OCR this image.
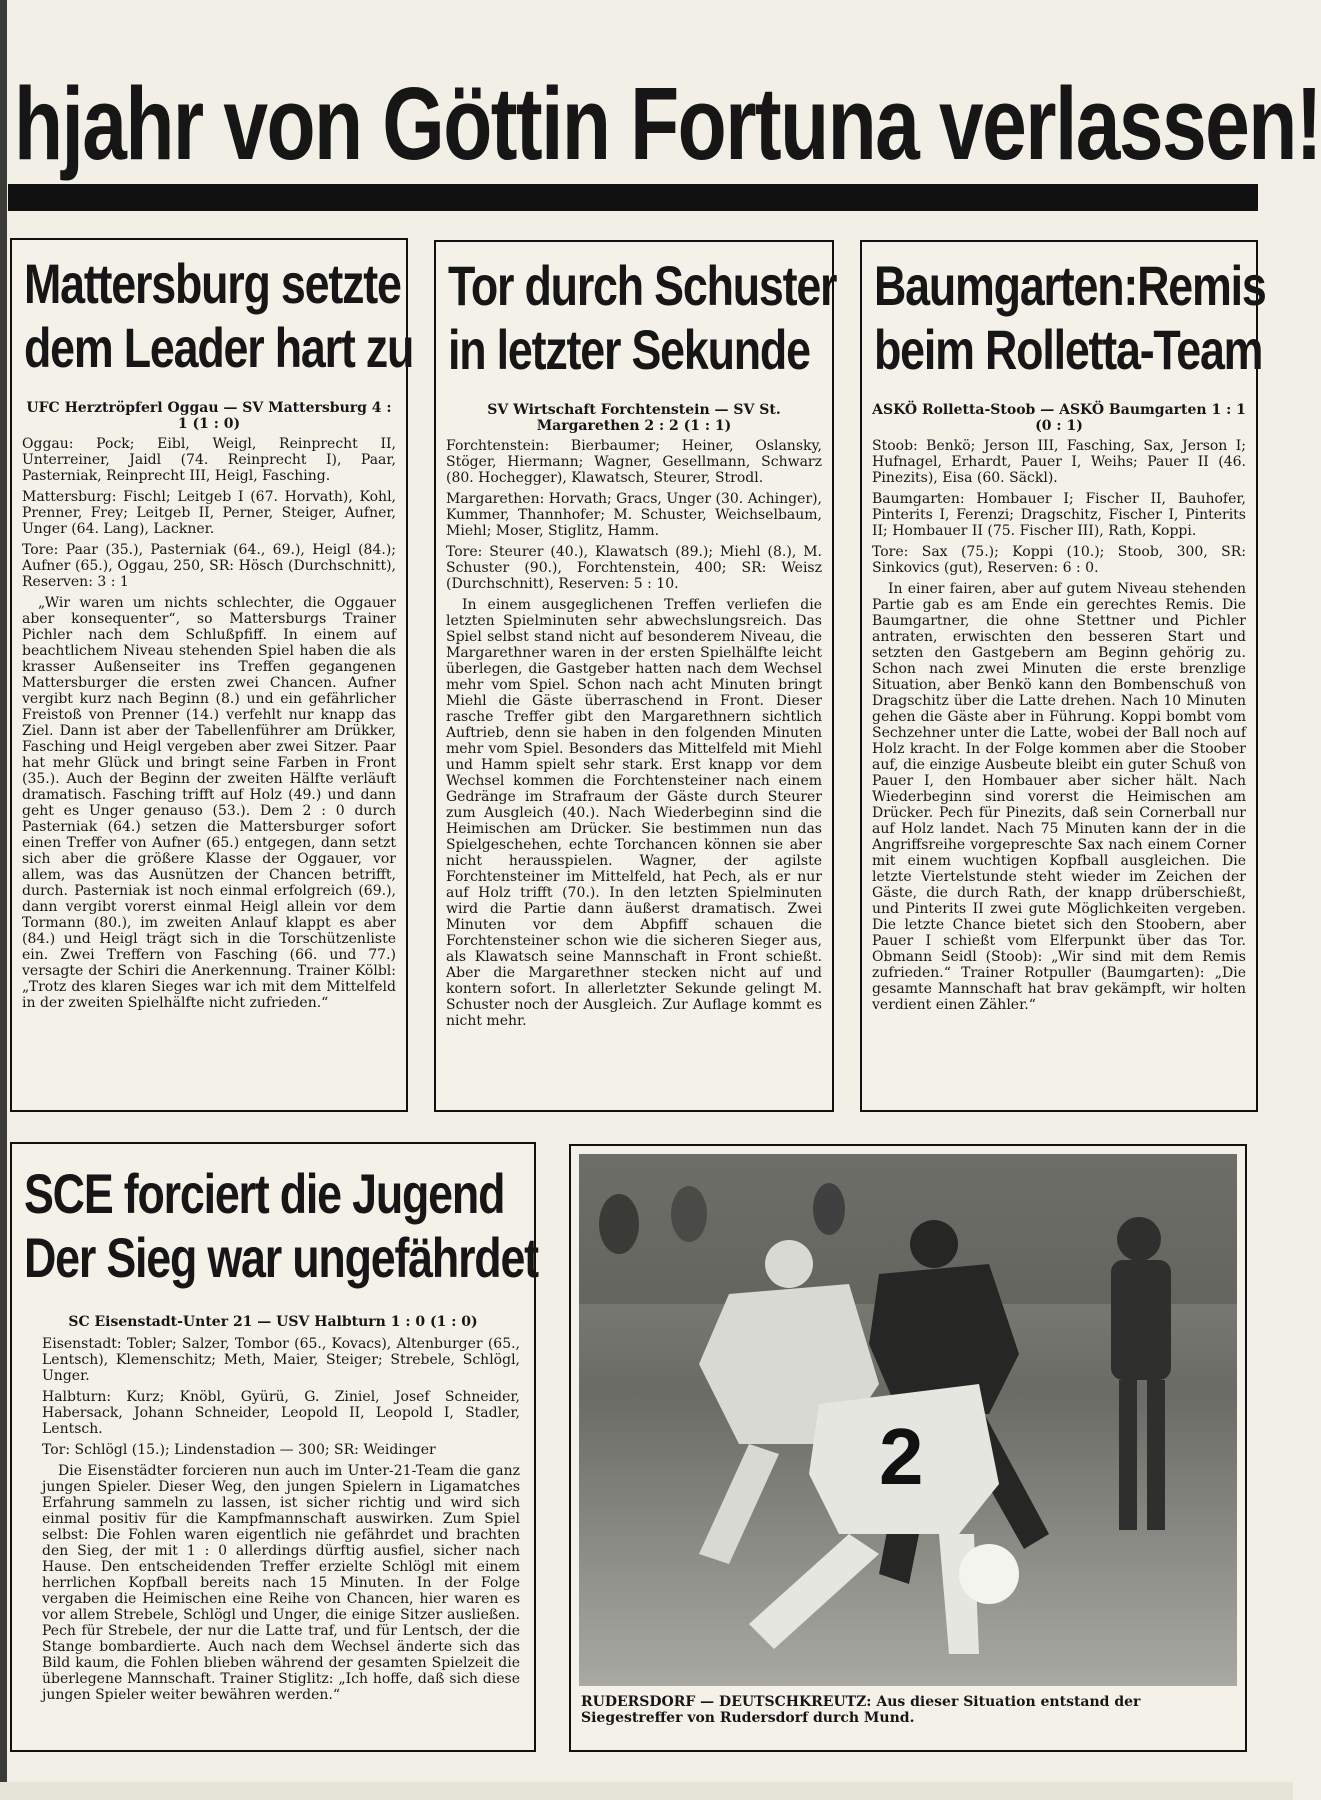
hjahr von Göttin Fortuna verlassen!
Mattersburg setzte
dem Leader hart zu
UFC Herztröpferl Oggau — SV Mattersburg 4 : 1 (1 : 0)

Oggau: Pock; Eibl, Weigl, Reinprecht II, Unterreiner, Jaidl (74. Reinprecht I), Paar, Pasterniak, Reinprecht III, Heigl, Fasching.

Mattersburg: Fischl; Leitgeb I (67. Horvath), Kohl, Prenner, Frey; Leitgeb II, Perner, Steiger, Aufner, Unger (64. Lang), Lackner.

Tore: Paar (35.), Pasterniak (64., 69.), Heigl (84.); Aufner (65.), Oggau, 250, SR: Hösch (Durchschnitt), Reserven: 3 : 1

„Wir waren um nichts schlechter, die Oggauer aber konsequenter“, so Mattersburgs Trainer Pichler nach dem Schlußpfiff. In einem auf beachtlichem Niveau stehenden Spiel haben die als krasser Außenseiter ins Treffen gegangenen Mattersburger die ersten zwei Chancen. Aufner vergibt kurz nach Beginn (8.) und ein gefährlicher Freistoß von Prenner (14.) verfehlt nur knapp das Ziel. Dann ist aber der Tabellenführer am Drükker, Fasching und Heigl vergeben aber zwei Sitzer. Paar hat mehr Glück und bringt seine Farben in Front (35.). Auch der Beginn der zweiten Hälfte verläuft dramatisch. Fasching trifft auf Holz (49.) und dann geht es Unger genauso (53.). Dem 2 : 0 durch Pasterniak (64.) setzen die Mattersburger sofort einen Treffer von Aufner (65.) entgegen, dann setzt sich aber die größere Klasse der Oggauer, vor allem, was das Ausnützen der Chancen betrifft, durch. Pasterniak ist noch einmal erfolgreich (69.), dann vergibt vorerst einmal Heigl allein vor dem Tormann (80.), im zweiten Anlauf klappt es aber (84.) und Heigl trägt sich in die Torschützenliste ein. Zwei Treffern von Fasching (66. und 77.) versagte der Schiri die Anerkennung. Trainer Kölbl: „Trotz des klaren Sieges war ich mit dem Mittelfeld in der zweiten Spielhälfte nicht zufrieden.“

Tor durch Schuster
in letzter Sekunde
SV Wirtschaft Forchtenstein — SV St. Margarethen 2 : 2 (1 : 1)

Forchtenstein: Bierbaumer; Heiner, Oslansky, Stöger, Hiermann; Wagner, Gesellmann, Schwarz (80. Hochegger), Klawatsch, Steurer, Strodl.

Margarethen: Horvath; Gracs, Unger (30. Achinger), Kummer, Thannhofer; M. Schuster, Weichselbaum, Miehl; Moser, Stiglitz, Hamm.

Tore: Steurer (40.), Klawatsch (89.); Miehl (8.), M. Schuster (90.), Forchtenstein, 400; SR: Weisz (Durchschnitt), Reserven: 5 : 10.

In einem ausgeglichenen Treffen verliefen die letzten Spielminuten sehr abwechslungsreich. Das Spiel selbst stand nicht auf besonderem Niveau, die Margarethner waren in der ersten Spielhälfte leicht überlegen, die Gastgeber hatten nach dem Wechsel mehr vom Spiel. Schon nach acht Minuten bringt Miehl die Gäste überraschend in Front. Dieser rasche Treffer gibt den Margarethnern sichtlich Auftrieb, denn sie haben in den folgenden Minuten mehr vom Spiel. Besonders das Mittelfeld mit Miehl und Hamm spielt sehr stark. Erst knapp vor dem Wechsel kommen die Forchtensteiner nach einem Gedränge im Strafraum der Gäste durch Steurer zum Ausgleich (40.). Nach Wiederbeginn sind die Heimischen am Drücker. Sie bestimmen nun das Spielgeschehen, echte Torchancen können sie aber nicht herausspielen. Wagner, der agilste Forchtensteiner im Mittelfeld, hat Pech, als er nur auf Holz trifft (70.). In den letzten Spielminuten wird die Partie dann äußerst dramatisch. Zwei Minuten vor dem Abpfiff schauen die Forchtensteiner schon wie die sicheren Sieger aus, als Klawatsch seine Mannschaft in Front schießt. Aber die Margarethner stecken nicht auf und kontern sofort. In allerletzter Sekunde gelingt M. Schuster noch der Ausgleich. Zur Auflage kommt es nicht mehr.

Baumgarten:Remis
beim Rolletta-Team
ASKÖ Rolletta-Stoob — ASKÖ Baumgarten 1 : 1 (0 : 1)

Stoob: Benkö; Jerson III, Fasching, Sax, Jerson I; Hufnagel, Erhardt, Pauer I, Weihs; Pauer II (46. Pinezits), Eisa (60. Säckl).

Baumgarten: Hombauer I; Fischer II, Bauhofer, Pinterits I, Ferenzi; Dragschitz, Fischer I, Pinterits II; Hombauer II (75. Fischer III), Rath, Koppi.

Tore: Sax (75.); Koppi (10.); Stoob, 300, SR: Sinkovics (gut), Reserven: 6 : 0.

In einer fairen, aber auf gutem Niveau stehenden Partie gab es am Ende ein gerechtes Remis. Die Baumgartner, die ohne Stettner und Pichler antraten, erwischten den besseren Start und setzten den Gastgebern am Beginn gehörig zu. Schon nach zwei Minuten die erste brenzlige Situation, aber Benkö kann den Bombenschuß von Dragschitz über die Latte drehen. Nach 10 Minuten gehen die Gäste aber in Führung. Koppi bombt vom Sechzehner unter die Latte, wobei der Ball noch auf Holz kracht. In der Folge kommen aber die Stoober auf, die einzige Ausbeute bleibt ein guter Schuß von Pauer I, den Hombauer aber sicher hält. Nach Wiederbeginn sind vorerst die Heimischen am Drücker. Pech für Pinezits, daß sein Cornerball nur auf Holz landet. Nach 75 Minuten kann der in die Angriffsreihe vorgepreschte Sax nach einem Corner mit einem wuchtigen Kopfball ausgleichen. Die letzte Viertelstunde steht wieder im Zeichen der Gäste, die durch Rath, der knapp drüberschießt, und Pinterits II zwei gute Möglichkeiten vergeben. Die letzte Chance bietet sich den Stoobern, aber Pauer I schießt vom Elferpunkt über das Tor. Obmann Seidl (Stoob): „Wir sind mit dem Remis zufrieden.“ Trainer Rotpuller (Baumgarten): „Die gesamte Mannschaft hat brav gekämpft, wir holten verdient einen Zähler.“

SCE forciert die Jugend
Der Sieg war ungefährdet
SC Eisenstadt-Unter 21 — USV Halbturn 1 : 0 (1 : 0)

Eisenstadt: Tobler; Salzer, Tombor (65., Kovacs), Altenburger (65., Lentsch), Klemenschitz; Meth, Maier, Steiger; Strebele, Schlögl, Unger.

Halbturn: Kurz; Knöbl, Gyürü, G. Ziniel, Josef Schneider, Habersack, Johann Schneider, Leopold II, Leopold I, Stadler, Lentsch.

Tor: Schlögl (15.); Lindenstadion — 300; SR: Weidinger

Die Eisenstädter forcieren nun auch im Unter-21-Team die ganz jungen Spieler. Dieser Weg, den jungen Spielern in Ligamatches Erfahrung sammeln zu lassen, ist sicher richtig und wird sich einmal positiv für die Kampfmannschaft auswirken. Zum Spiel selbst: Die Fohlen waren eigentlich nie gefährdet und brachten den Sieg, der mit 1 : 0 allerdings dürftig ausfiel, sicher nach Hause. Den entscheidenden Treffer erzielte Schlögl mit einem herrlichen Kopfball bereits nach 15 Minuten. In der Folge vergaben die Heimischen eine Reihe von Chancen, hier waren es vor allem Strebele, Schlögl und Unger, die einige Sitzer ausließen. Pech für Strebele, der nur die Latte traf, und für Lentsch, der die Stange bombardierte. Auch nach dem Wechsel änderte sich das Bild kaum, die Fohlen blieben während der gesamten Spielzeit die überlegene Mannschaft. Trainer Stiglitz: „Ich hoffe, daß sich diese jungen Spieler weiter bewähren werden.“

2
RUDERSDORF — DEUTSCHKREUTZ: Aus dieser Situation entstand der Siegestreffer von Rudersdorf durch Mund.
